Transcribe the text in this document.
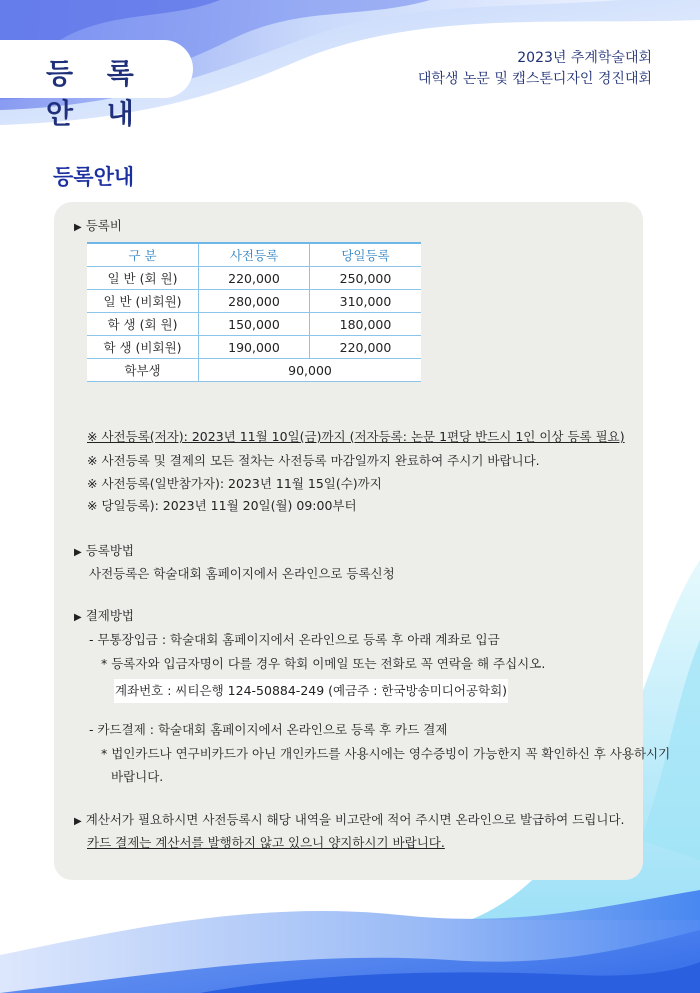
등 록 안 내
2023년 추계학술대회
대학생 논문 및 캡스톤디자인 경진대회
등록안내
▶ 등록비
구 분	사전등록	당일등록
일 반 (회 원)	220,000	250,000
일 반 (비회원)	280,000	310,000
학 생 (회 원)	150,000	180,000
학 생 (비회원)	190,000	220,000
학부생	90,000	
※ 사전등록(저자): 2023년 11월 10일(금)까지 (저자등록: 논문 1편당 반드시 1인 이상 등록 필요)
※ 사전등록 및 결제의 모든 절차는 사전등록 마감일까지 완료하여 주시기 바랍니다.
※ 사전등록(일반참가자): 2023년 11월 15일(수)까지
※ 당일등록): 2023년 11월 20일(월) 09:00부터
▶ 등록방법
사전등록은 학술대회 홈페이지에서 온라인으로 등록신청
▶ 결제방법
- 무통장입금 : 학술대회 홈페이지에서 온라인으로 등록 후 아래 계좌로 입금
* 등록자와 입금자명이 다를 경우 학회 이메일 또는 전화로 꼭 연락을 해 주십시오.
계좌번호 : 씨티은행 124-50884-249 (예금주 : 한국방송미디어공학회)
- 카드결제 : 학술대회 홈페이지에서 온라인으로 등록 후 카드 결제
* 법인카드나 연구비카드가 아닌 개인카드를 사용시에는 영수증빙이 가능한지 꼭 확인하신 후 사용하시기
바랍니다.
▶ 계산서가 필요하시면 사전등록시 해당 내역을 비고란에 적어 주시면 온라인으로 발급하여 드립니다.
카드 결제는 계산서를 발행하지 않고 있으니 양지하시기 바랍니다.
